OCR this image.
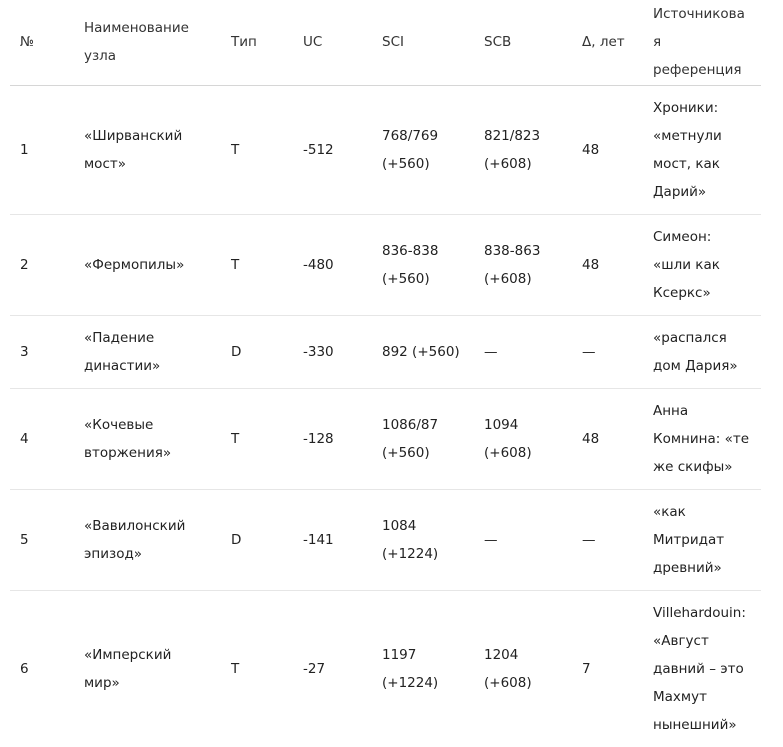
№	Наименование узла	Тип	UC	SCI	SCB	Δ, лет	Источниковая референция
1	«Ширванский мост»	T	-512	768/769 (+560)	821/823 (+608)	48	Хроники: «метнули мост, как Дарий»
2	«Фермопилы»	T	-480	836-838 (+560)	838-863 (+608)	48	Симеон: «шли как Ксеркс»
3	«Падение династии»	D	-330	892 (+560)	—	—	«распался дом Дария»
4	«Кочевые вторжения»	T	-128	1086/87 (+560)	1094 (+608)	48	Анна Комнина: «те же скифы»
5	«Вавилонский эпизод»	D	-141	1084 (+1224)	—	—	«как Митридат древний»
6	«Имперский мир»	T	-27	1197 (+1224)	1204 (+608)	7	Villehardouin: «Август давний – это Махмут нынешний»
